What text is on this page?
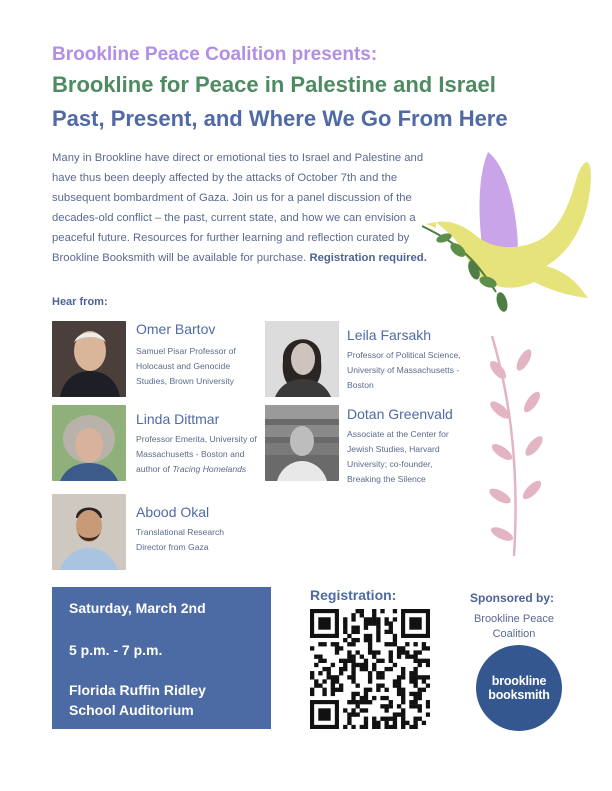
Brookline Peace Coalition presents:
Brookline for Peace in Palestine and Israel
Past, Present, and Where We Go From Here
Many in Brookline have direct or emotional ties to Israel and Palestine and have thus been deeply affected by the attacks of October 7th and the subsequent bombardment of Gaza. Join us for a panel discussion of the decades-old conflict – the past, current state, and how we can envision a peaceful future. Resources for further learning and reflection curated by Brookline Booksmith will be available for purchase. Registration required.
Hear from:
Omer Bartov
Samuel Pisar Professor of Holocaust and Genocide Studies, Brown University
Leila Farsakh
Professor of Political Science, University of Massachusetts - Boston
Linda Dittmar
Professor Emerita, University of Massachusetts - Boston and author of Tracing Homelands
Dotan Greenvald
Associate at the Center for Jewish Studies, Harvard University; co-founder, Breaking the Silence
Abood Okal
Translational Research Director from Gaza
Saturday, March 2nd
5 p.m. - 7 p.m.
Florida Ruffin Ridley
School Auditorium
Registration:	Sponsored by:
Brookline Peace Coalition
brookline
booksmith
